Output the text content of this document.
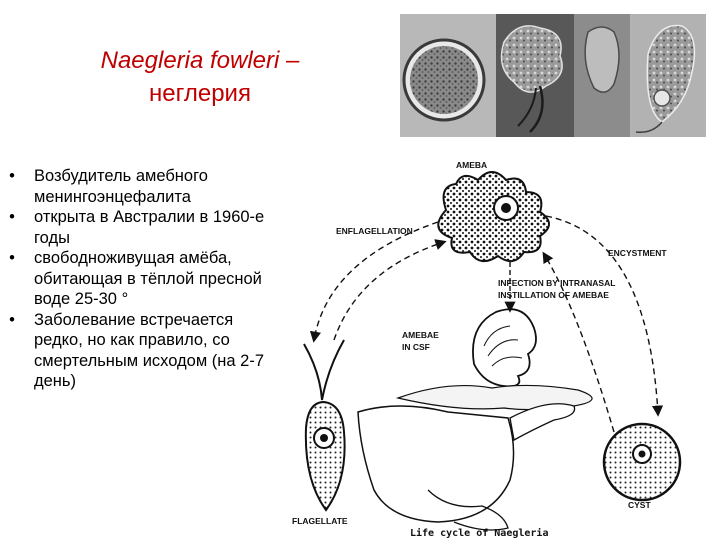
Naegleria fowleri –
неглерия
•	Возбудитель амебного менингоэнцефалита
•	открыта в Австралии в 1960-е годы
•	свободноживущая амёба, обитающая в тёплой пресной воде 25-30 °
•	Заболевание встречается редко, но как правило, со смертельным исходом (на 2-7 день)
AMEBA
ENFLAGELLATION
ENCYSTMENT
INFECTION BY INTRANASAL
INSTILLATION OF AMEBAE
AMEBAE
IN CSF
FLAGELLATE
CYST
Life cycle of Naegleria
